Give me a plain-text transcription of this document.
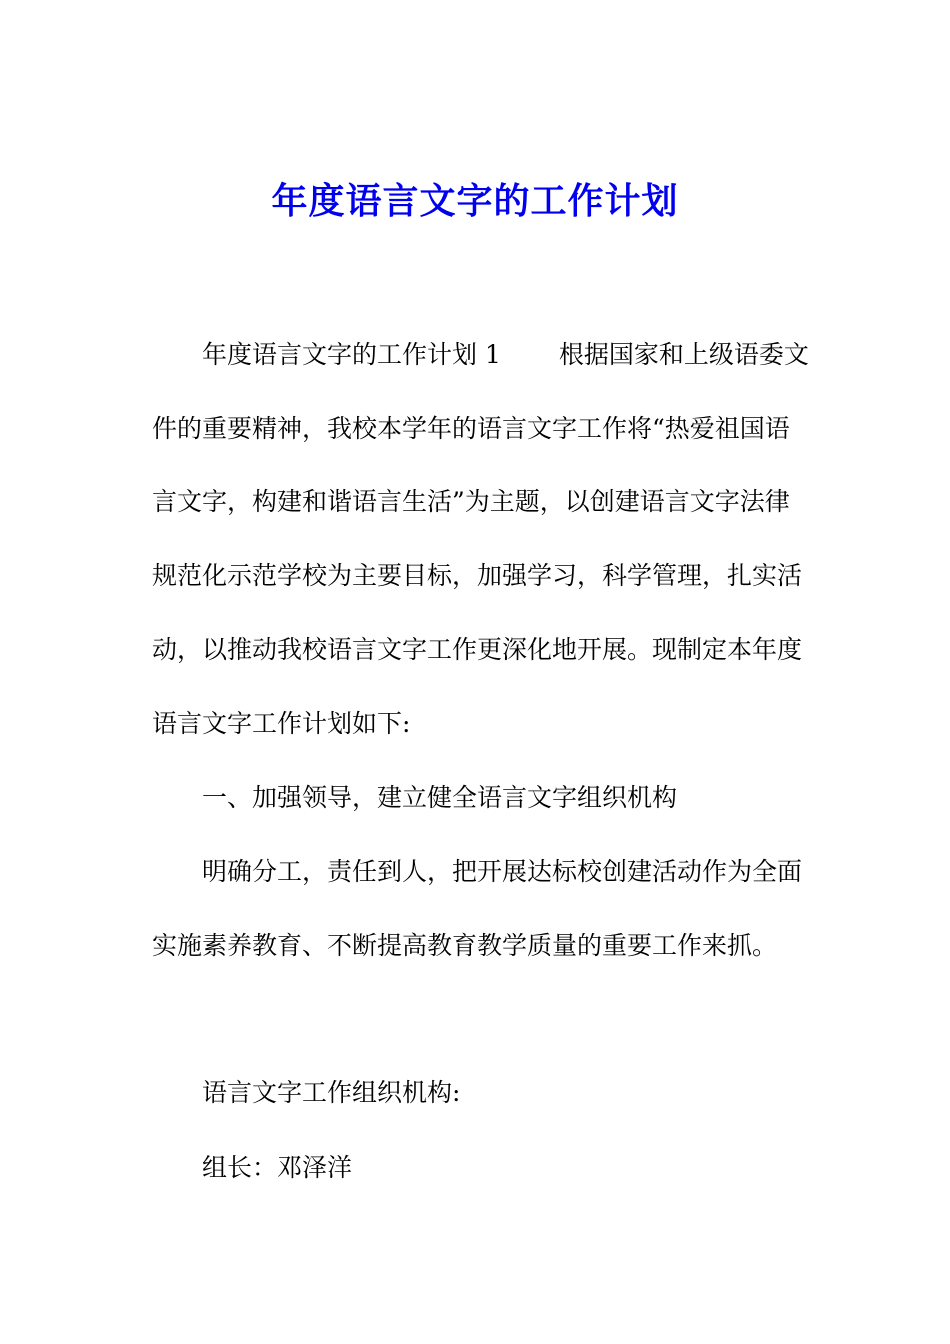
年度语言文字的工作计划

年度语言文字的工作计划 1 根据国家和上级语委文件的重要精神，我校本学年的语言文字工作将“热爱祖国语言文字，构建和谐语言生活”为主题，以创建语言文字法律规范化示范学校为主要目标，加强学习，科学管理，扎实活动，以推动我校语言文字工作更深化地开展。现制定本年度语言文字工作计划如下:

一、加强领导，建立健全语言文字组织机构

明确分工，责任到人，把开展达标校创建活动作为全面实施素养教育、不断提高教育教学质量的重要工作来抓。

语言文字工作组织机构:

组长：邓泽洋
